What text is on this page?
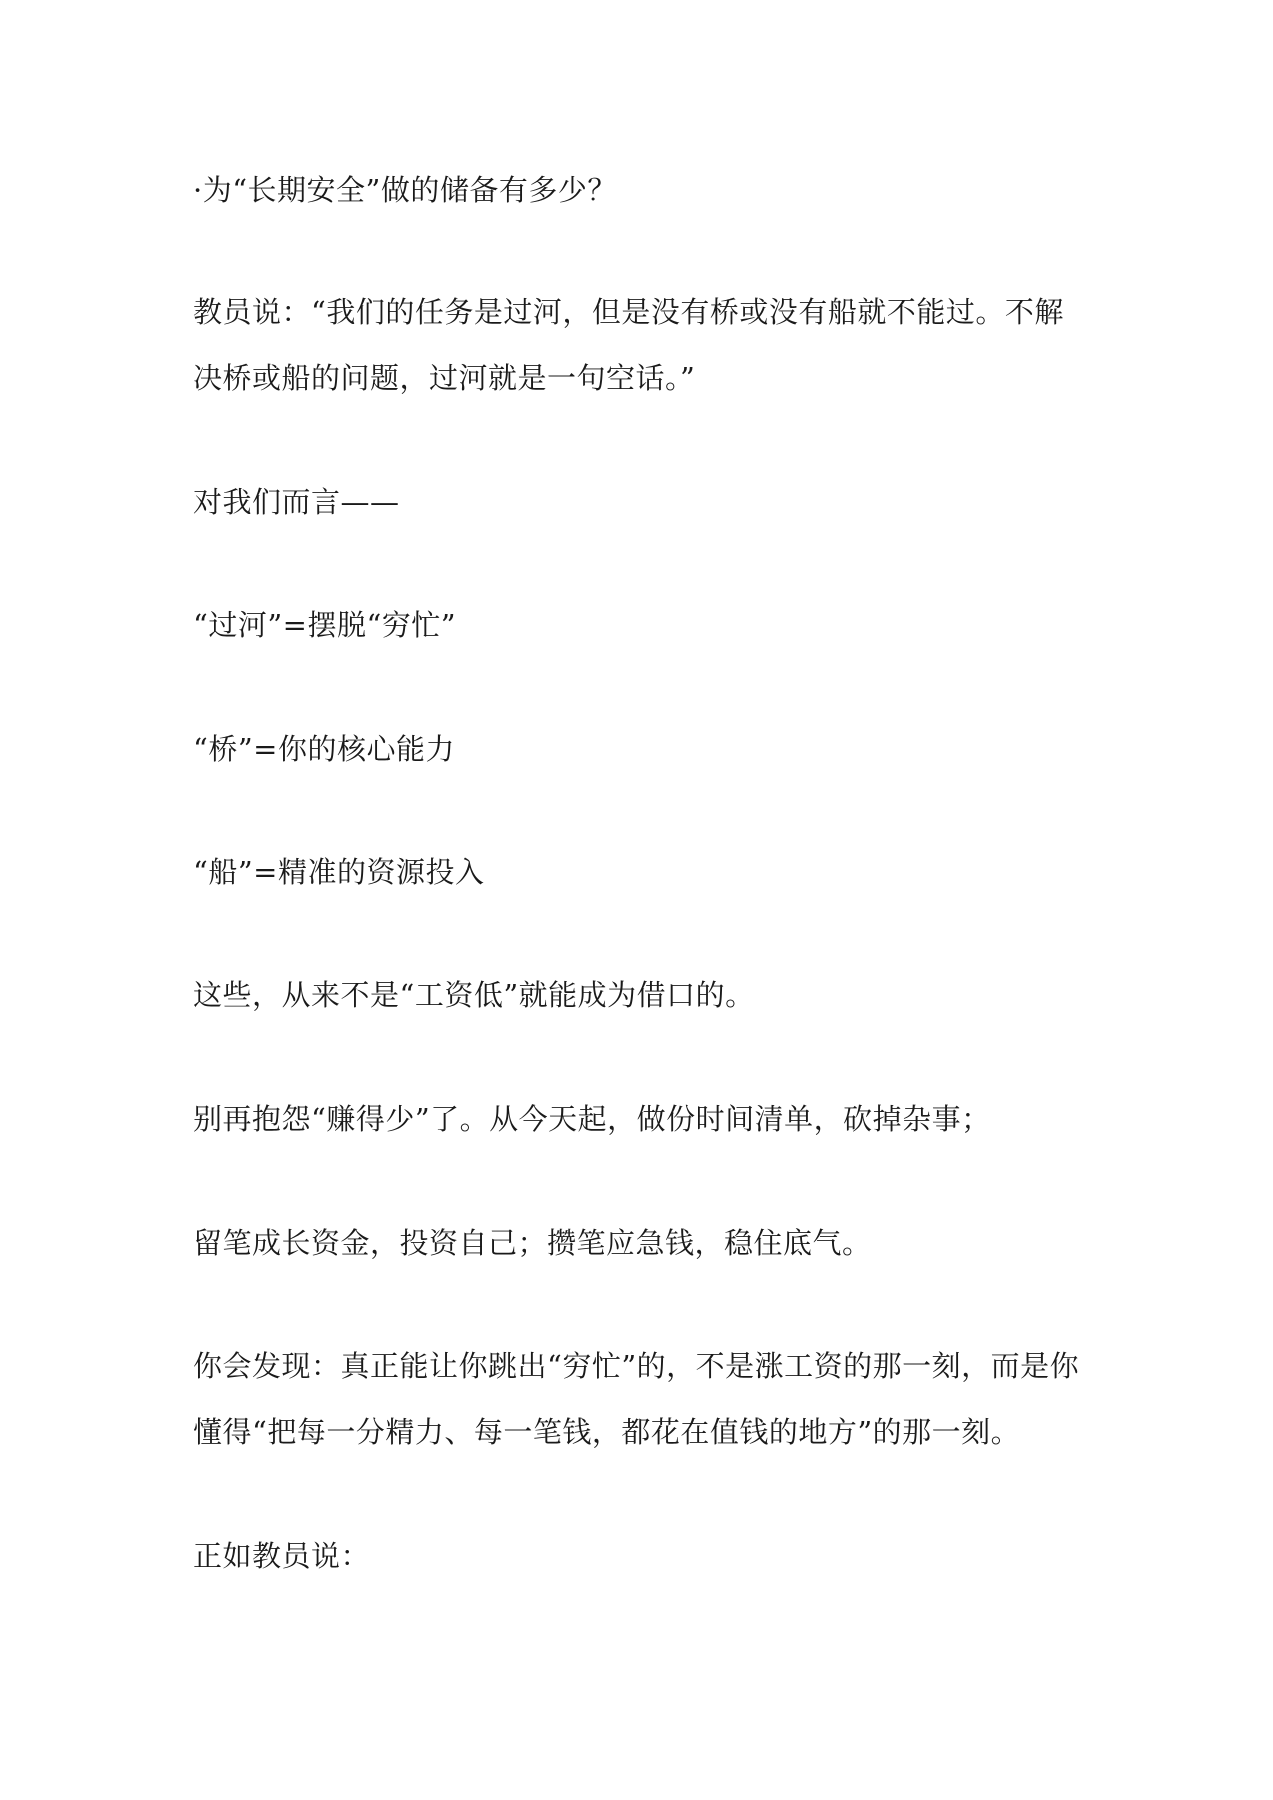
·为“长期安全”做的储备有多少？
教员说：“我们的任务是过河，但是没有桥或没有船就不能过。不解
决桥或船的问题，过河就是一句空话。”
对我们而言——
“过河”=摆脱“穷忙”
“桥”=你的核心能力
“船”=精准的资源投入
这些，从来不是“工资低”就能成为借口的。
别再抱怨“赚得少”了。从今天起，做份时间清单，砍掉杂事；
留笔成长资金，投资自己；攒笔应急钱，稳住底气。
你会发现：真正能让你跳出“穷忙”的，不是涨工资的那一刻，而是你
懂得“把每一分精力、每一笔钱，都花在值钱的地方”的那一刻。
正如教员说：
